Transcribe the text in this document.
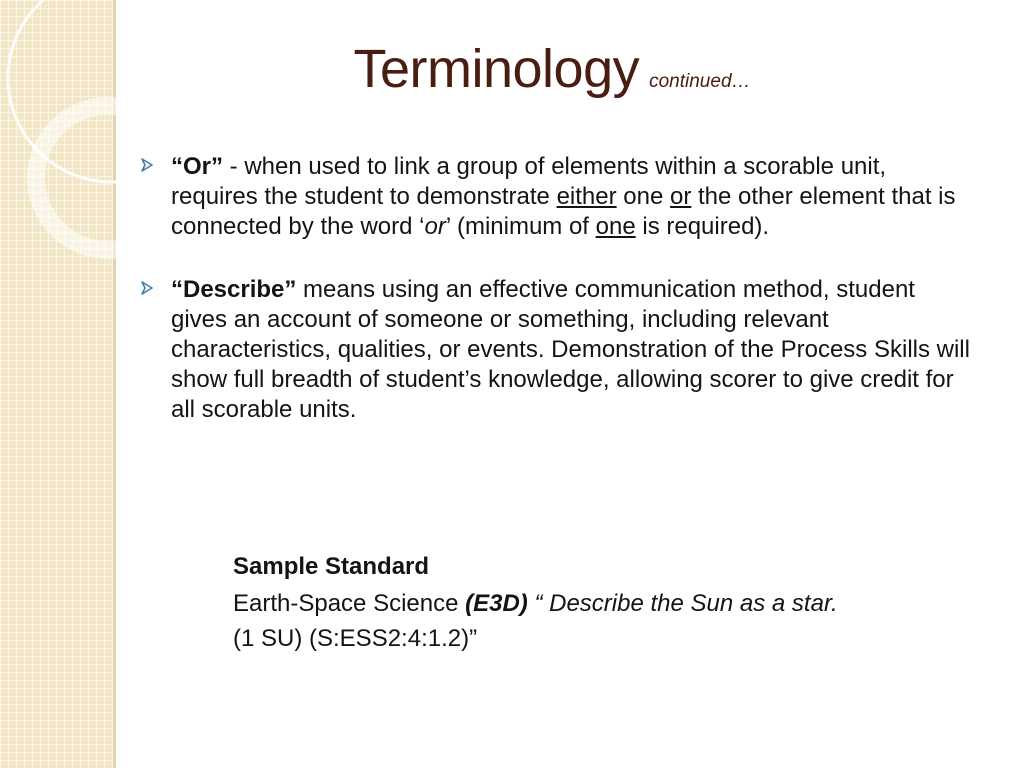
Terminology continued…
“Or” - when used to link a group of elements within a scorable unit, requires the student to demonstrate either one or the other element that is connected by the word ‘or’ (minimum of one is required).
“Describe” means using an effective communication method, student gives an account of someone or something, including relevant characteristics, qualities, or events. Demonstration of the Process Skills will show full breadth of student’s knowledge, allowing scorer to give credit for all scorable units.
Sample Standard
Earth-Space Science (E3D) “ Describe the Sun as a star.
(1 SU) (S:ESS2:4:1.2)”
